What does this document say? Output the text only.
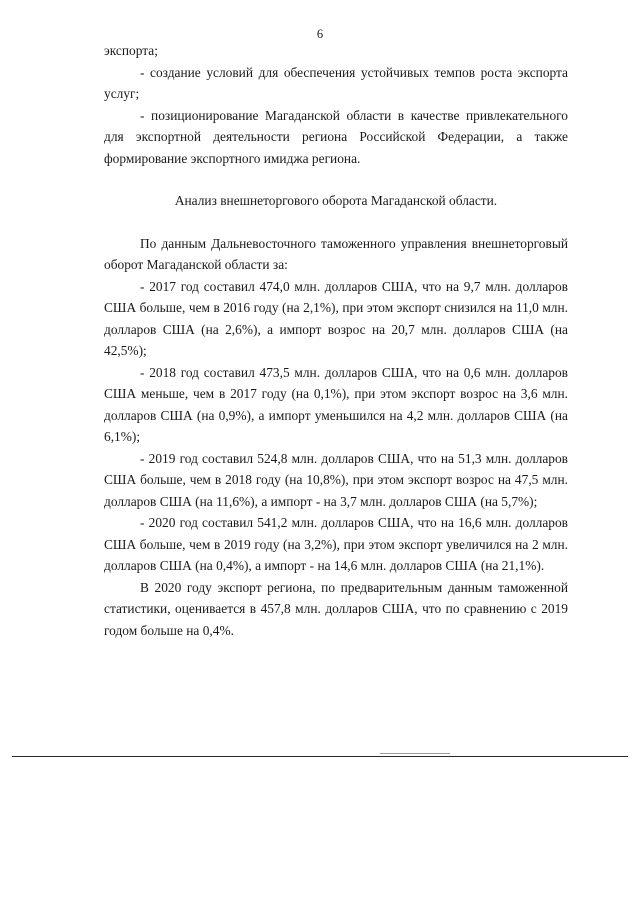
6

экспорта;

- создание условий для обеспечения устойчивых темпов роста экспорта услуг;

- позиционирование Магаданской области в качестве привлекательного для экспортной деятельности региона Российской Федерации, а также формирование экспортного имиджа региона.

Анализ внешнеторгового оборота Магаданской области.

По данным Дальневосточного таможенного управления внешнеторговый оборот Магаданской области за:

- 2017 год составил 474,0 млн. долларов США, что на 9,7 млн. долларов США больше, чем в 2016 году (на 2,1%), при этом экспорт снизился на 11,0 млн. долларов США (на 2,6%), а импорт возрос на 20,7 млн. долларов США (на 42,5%);

- 2018 год составил 473,5 млн. долларов США, что на 0,6 млн. долларов США меньше, чем в 2017 году (на 0,1%), при этом экспорт возрос на 3,6 млн. долларов США (на 0,9%), а импорт уменьшился на 4,2 млн. долларов США (на 6,1%);

- 2019 год составил 524,8 млн. долларов США, что на 51,3 млн. долларов США больше, чем в 2018 году (на 10,8%), при этом экспорт возрос на 47,5 млн. долларов США (на 11,6%), а импорт - на 3,7 млн. долларов США (на 5,7%);

- 2020 год составил 541,2 млн. долларов США, что на 16,6 млн. долларов США больше, чем в 2019 году (на 3,2%), при этом экспорт увеличился на 2 млн. долларов США (на 0,4%), а импорт - на 14,6 млн. долларов США (на 21,1%).

В 2020 году экспорт региона, по предварительным данным таможенной статистики, оценивается в 457,8 млн. долларов США, что по сравнению с 2019 годом больше на 0,4%.
